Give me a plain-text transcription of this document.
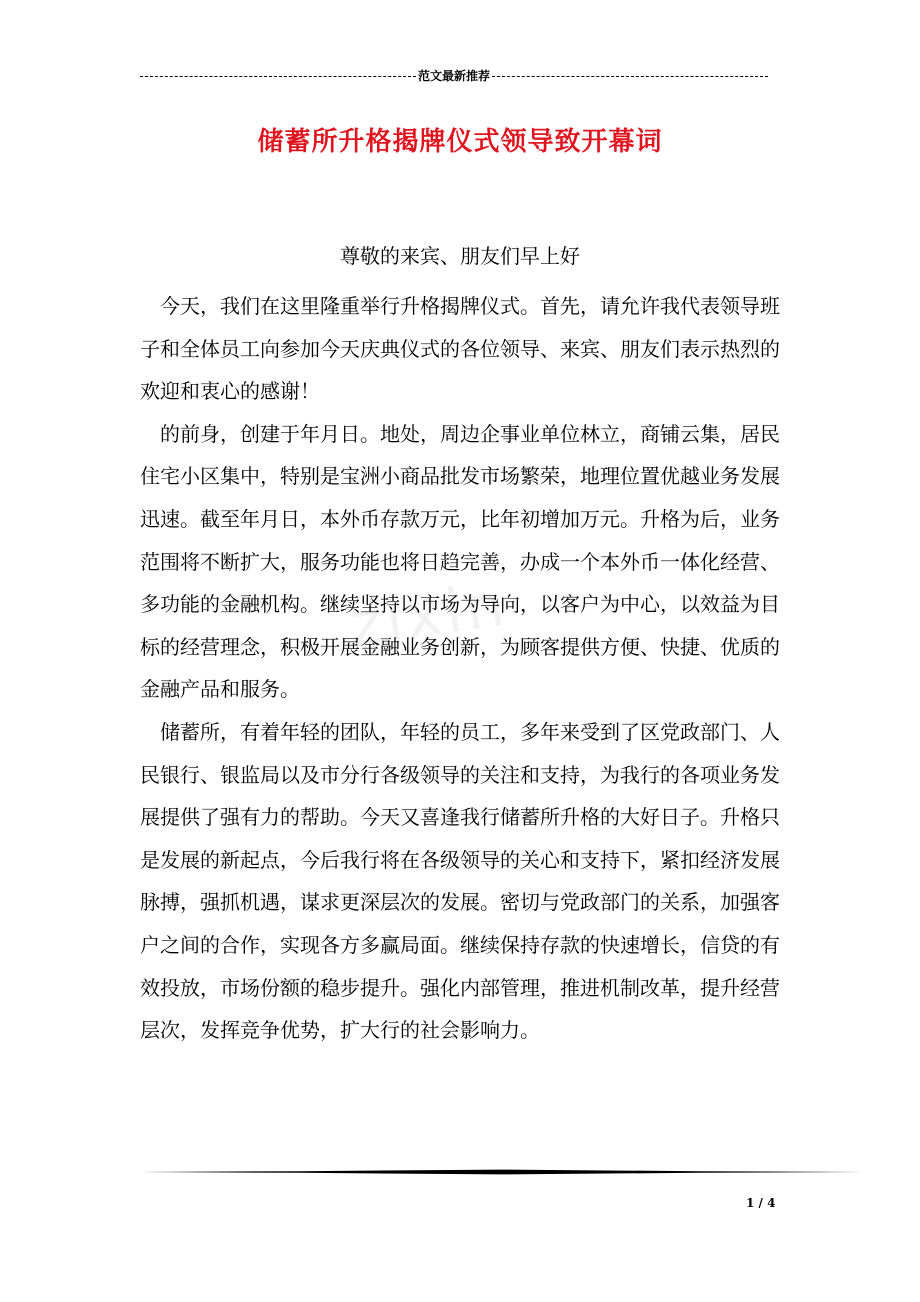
范文最新推荐
储蓄所升格揭牌仪式领导致开幕词
尊敬的来宾、朋友们早上好
zixin

今天，我们在这里隆重举行升格揭牌仪式。首先，请允许我代表领导班子和全体员工向参加今天庆典仪式的各位领导、来宾、朋友们表示热烈的欢迎和衷心的感谢！

的前身，创建于年月日。地处，周边企事业单位林立，商铺云集，居民住宅小区集中，特别是宝洲小商品批发市场繁荣，地理位置优越业务发展迅速。截至年月日，本外币存款万元，比年初增加万元。升格为后，业务范围将不断扩大，服务功能也将日趋完善，办成一个本外币一体化经营、多功能的金融机构。继续坚持以市场为导向，以客户为中心，以效益为目标的经营理念，积极开展金融业务创新，为顾客提供方便、快捷、优质的金融产品和服务。

储蓄所，有着年轻的团队，年轻的员工，多年来受到了区党政部门、人民银行、银监局以及市分行各级领导的关注和支持，为我行的各项业务发展提供了强有力的帮助。今天又喜逢我行储蓄所升格的大好日子。升格只是发展的新起点，今后我行将在各级领导的关心和支持下，紧扣经济发展脉搏，强抓机遇，谋求更深层次的发展。密切与党政部门的关系，加强客户之间的合作，实现各方多赢局面。继续保持存款的快速增长，信贷的有效投放，市场份额的稳步提升。强化内部管理，推进机制改革，提升经营层次，发挥竞争优势，扩大行的社会影响力。

1 / 4
